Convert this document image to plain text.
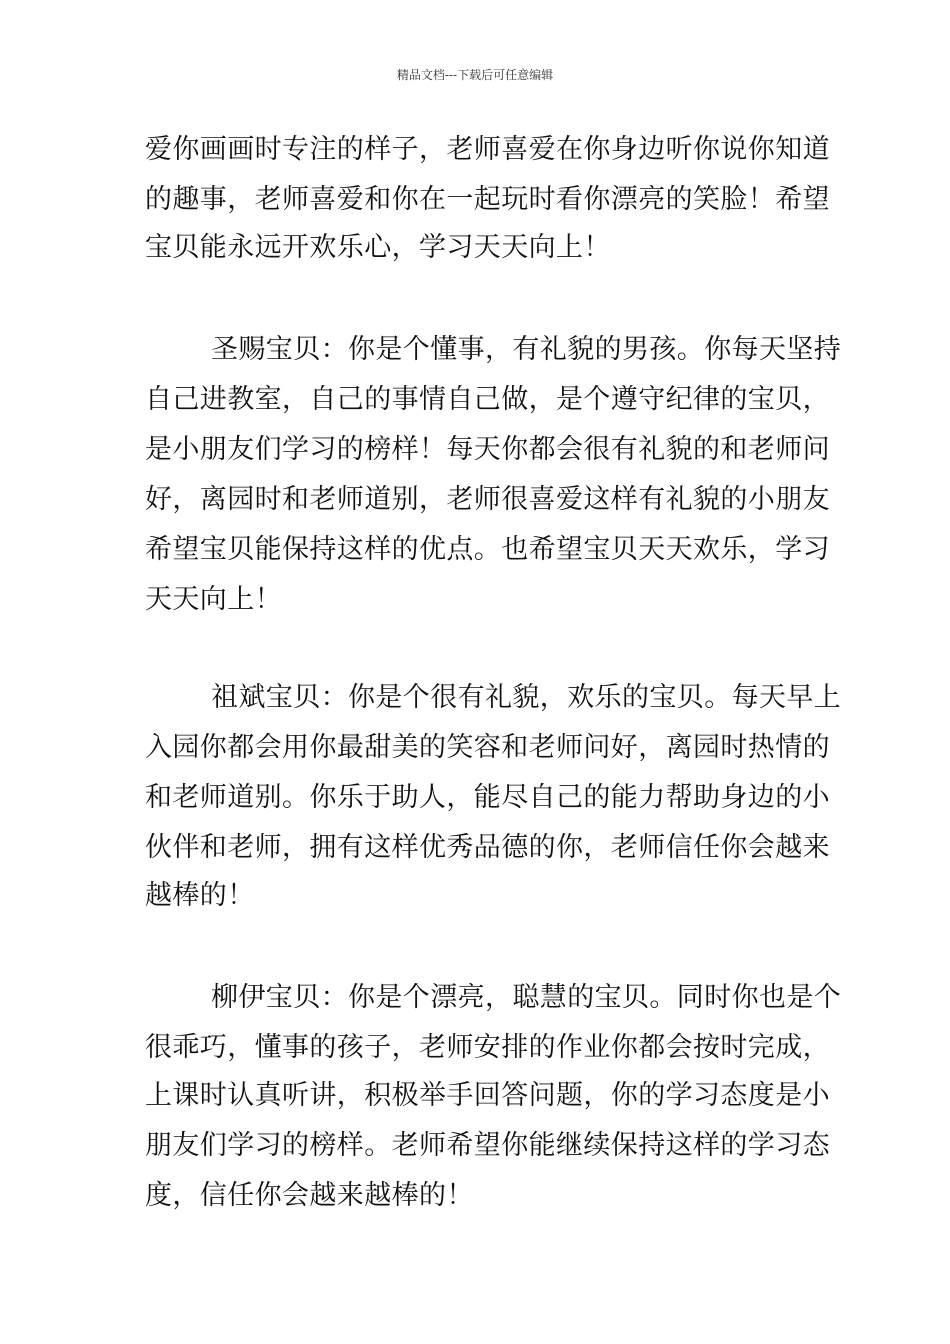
精品文档---下载后可任意编辑
爱你画画时专注的样子，老师喜爱在你身边听你说你知道
的趣事，老师喜爱和你在一起玩时看你漂亮的笑脸！希望
宝贝能永远开欢乐心，学习天天向上！
圣赐宝贝：你是个懂事，有礼貌的男孩。你每天坚持
自己进教室，自己的事情自己做，是个遵守纪律的宝贝，
是小朋友们学习的榜样！每天你都会很有礼貌的和老师问
好，离园时和老师道别，老师很喜爱这样有礼貌的小朋友
希望宝贝能保持这样的优点。也希望宝贝天天欢乐，学习
天天向上！
祖斌宝贝：你是个很有礼貌，欢乐的宝贝。每天早上
入园你都会用你最甜美的笑容和老师问好，离园时热情的
和老师道别。你乐于助人，能尽自己的能力帮助身边的小
伙伴和老师，拥有这样优秀品德的你，老师信任你会越来
越棒的！
柳伊宝贝：你是个漂亮，聪慧的宝贝。同时你也是个
很乖巧，懂事的孩子，老师安排的作业你都会按时完成，
上课时认真听讲，积极举手回答问题，你的学习态度是小
朋友们学习的榜样。老师希望你能继续保持这样的学习态
度，信任你会越来越棒的！
